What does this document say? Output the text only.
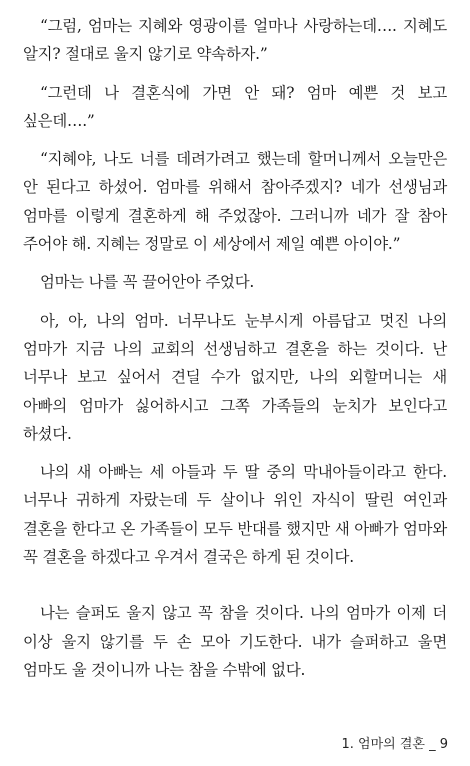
“그럼, 엄마는 지혜와 영광이를 얼마나 사랑하는데…. 지혜도 알지? 절대로 울지 않기로 약속하자.”

“그런데 나 결혼식에 가면 안 돼? 엄마 예쁜 것 보고 싶은데….”

“지혜야, 나도 너를 데려가려고 했는데 할머니께서 오늘만은 안 된다고 하셨어. 엄마를 위해서 참아주겠지? 네가 선생님과 엄마를 이렇게 결혼하게 해 주었잖아. 그러니까 네가 잘 참아 주어야 해. 지혜는 정말로 이 세상에서 제일 예쁜 아이야.”

엄마는 나를 꼭 끌어안아 주었다.

아, 아, 나의 엄마. 너무나도 눈부시게 아름답고 멋진 나의 엄마가 지금 나의 교회의 선생님하고 결혼을 하는 것이다. 난 너무나 보고 싶어서 견딜 수가 없지만, 나의 외할머니는 새 아빠의 엄마가 싫어하시고 그쪽 가족들의 눈치가 보인다고 하셨다.

나의 새 아빠는 세 아들과 두 딸 중의 막내아들이라고 한다. 너무나 귀하게 자랐는데 두 살이나 위인 자식이 딸린 여인과 결혼을 한다고 온 가족들이 모두 반대를 했지만 새 아빠가 엄마와 꼭 결혼을 하겠다고 우겨서 결국은 하게 된 것이다.

나는 슬퍼도 울지 않고 꼭 참을 것이다. 나의 엄마가 이제 더 이상 울지 않기를 두 손 모아 기도한다. 내가 슬퍼하고 울면 엄마도 울 것이니까 나는 참을 수밖에 없다.

1. 엄마의 결혼 _ 9
